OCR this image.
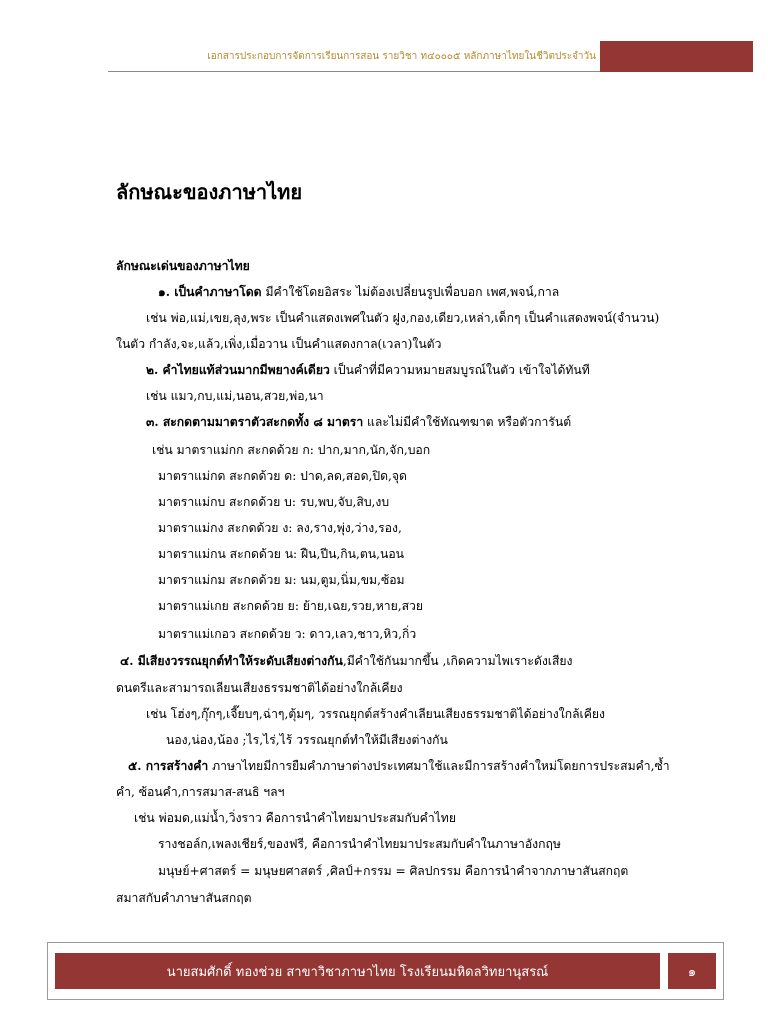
เอกสารประกอบการจัดการเรียนการสอน รายวิชา ท๔๐๐๐๕ หลักภาษาไทยในชีวิตประจำวัน
ลักษณะของภาษาไทย
ลักษณะเด่นของภาษาไทย
๑. เป็นคำภาษาโดด มีคำใช้โดยอิสระ ไม่ต้องเปลี่ยนรูปเพื่อบอก เพศ,พจน์,กาล
เช่น พ่อ,แม่,เขย,ลุง,พระ เป็นคำแสดงเพศในตัว ฝูง,กอง,เดียว,เหล่า,เด็กๆ เป็นคำแสดงพจน์(จำนวน)
ในตัว กำลัง,จะ,แล้ว,เพิ่ง,เมื่อวาน เป็นคำแสดงกาล(เวลา)ในตัว
๒. คำไทยแท้ส่วนมากมีพยางค์เดียว เป็นคำที่มีความหมายสมบูรณ์ในตัว เข้าใจได้ทันที
เช่น แมว,กบ,แม่,นอน,สวย,พ่อ,นา
๓. สะกดตามมาตราตัวสะกดทั้ง ๘ มาตรา และไม่มีคำใช้ทัณฑฆาต หรือตัวการันต์
เช่น มาตราแม่กก สะกดด้วย ก: ปาก,มาก,นัก,จัก,บอก
มาตราแม่กด สะกดด้วย ด: ปาด,ลด,สอด,ปิด,จุด
มาตราแม่กบ สะกดด้วย บ: รบ,พบ,จับ,สิบ,งบ
มาตราแม่กง สะกดด้วย ง: ลง,ราง,พุ่ง,ว่าง,รอง,
มาตราแม่กน สะกดด้วย น: ฝืน,ปีน,กิน,ตน,นอน
มาตราแม่กม สะกดด้วย ม: นม,ตูม,นิ่ม,ขม,ซ้อม
มาตราแม่เกย สะกดด้วย ย: ย้าย,เฉย,รวย,หาย,สวย
มาตราแม่เกอว สะกดด้วย ว: ดาว,เลว,ชาว,หิว,กิ่ว
๔. มีเสียงวรรณยุกต์ทำให้ระดับเสียงต่างกัน,มีคำใช้กันมากขึ้น ,เกิดความไพเราะดังเสียง
ดนตรีและสามารถเลียนเสียงธรรมชาติได้อย่างใกล้เคียง
เช่น โฮ่งๆ,กุ๊กๆ,เจี๊ยบๆ,ฉ่าๆ,ตุ้มๆ, วรรณยุกต์สร้างคำเลียนเสียงธรรมชาติได้อย่างใกล้เคียง
นอง,น่อง,น้อง ;ไร,ไร่,ไร้ วรรณยุกต์ทำให้มีเสียงต่างกัน
๕. การสร้างคำ ภาษาไทยมีการยืมคำภาษาต่างประเทศมาใช้และมีการสร้างคำใหม่โดยการประสมคำ,ซ้ำ
คำ, ซ้อนคำ,การสมาส-สนธิ ฯลฯ
เช่น พ่อมด,แม่น้ำ,วิ่งราว คือการนำคำไทยมาประสมกับคำไทย
รางชอล์ก,เพลงเชียร์,ของฟรี, คือการนำคำไทยมาประสมกับคำในภาษาอังกฤษ
มนุษย์+ศาสตร์ = มนุษยศาสตร์ ,ศิลป์+กรรม = ศิลปกรรม คือการนำคำจากภาษาสันสกฤต
สมาสกับคำภาษาสันสกฤต
นายสมศักดิ์ ทองช่วย สาขาวิชาภาษาไทย โรงเรียนมหิดลวิทยานุสรณ์	๑
